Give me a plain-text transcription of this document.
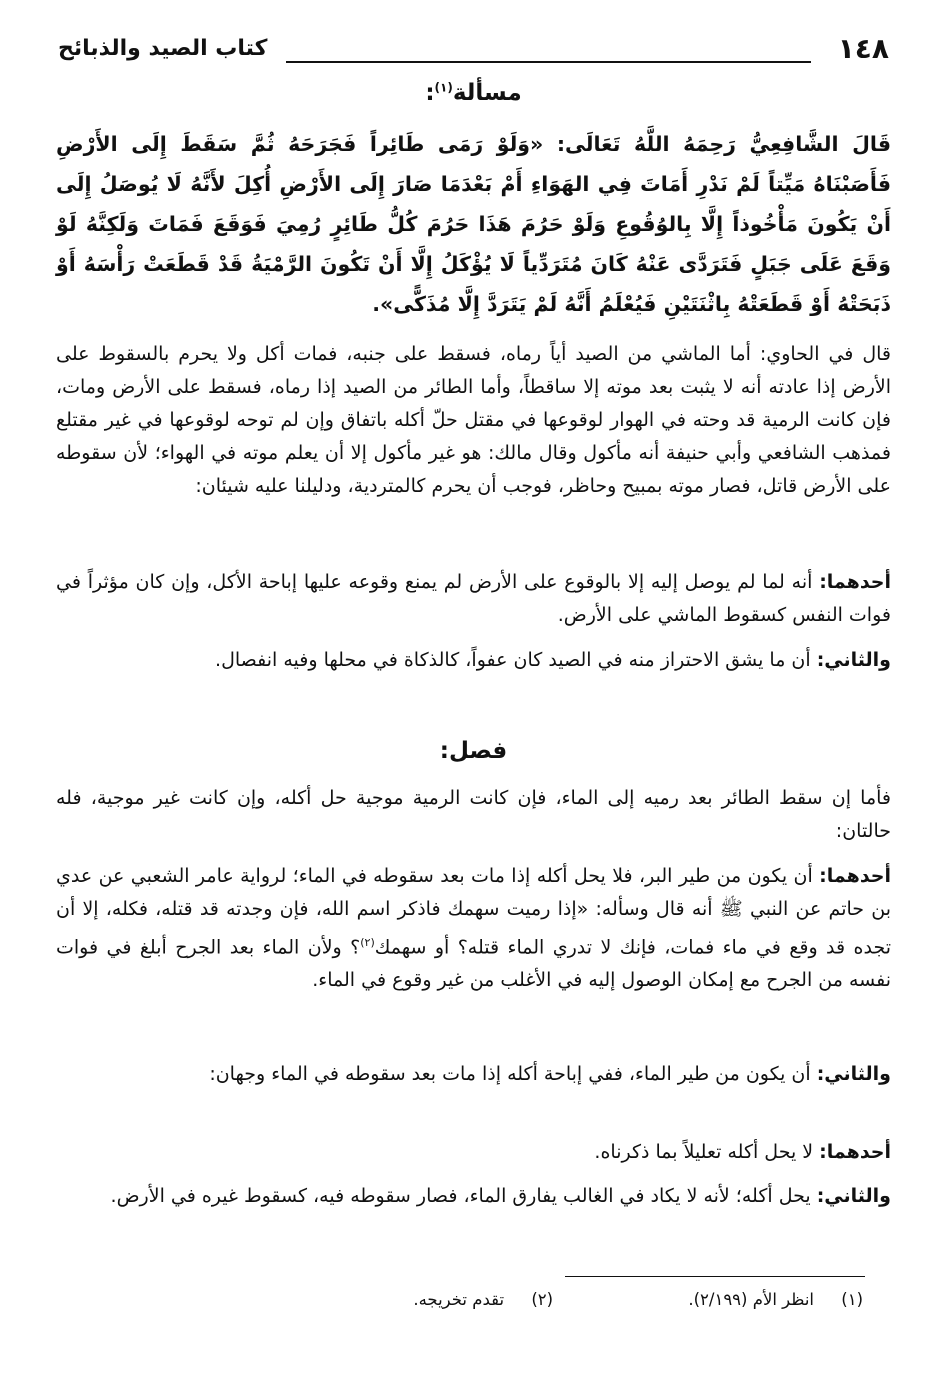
١٤٨
كتاب الصيد والذبائح
مسألة$^{(١)}$:
قَالَ الشَّافِعِيُّ رَحِمَهُ اللَّهُ تَعَالَى: «وَلَوْ رَمَى طَائِراً فَجَرَحَهُ ثُمَّ سَقَطَ إِلَى الأَرْضِ فَأَصَبْنَاهُ مَيِّتاً لَمْ نَدْرِ أَمَاتَ فِي الهَوَاءِ أَمْ بَعْدَمَا صَارَ إِلَى الأَرْضِ أُكِلَ لأَنَّهُ لَا يُوصَلُ إِلَى أَنْ يَكُونَ مَأْخُوذاً إِلَّا بِالوُقُوعِ وَلَوْ حَرُمَ هَذَا حَرُمَ كُلُّ طَائِرٍ رُمِيَ فَوَقَعَ فَمَاتَ وَلَكِنَّهُ لَوْ وَقَعَ عَلَى جَبَلٍ فَتَرَدَّى عَنْهُ كَانَ مُتَرَدِّياً لَا يُؤْكَلُ إِلَّا أَنْ تَكُونَ الرَّمْيَةُ قَدْ قَطَعَتْ رَأْسَهُ أَوْ ذَبَحَتْهُ أَوْ قَطَعَتْهُ بِاثْنَتَيْنِ فَيُعْلَمُ أَنَّهُ لَمْ يَتَرَدَّ إِلَّا مُذَكًّى».
قال في الحاوي: أما الماشي من الصيد أياً رماه، فسقط على جنبه، فمات أكل ولا يحرم بالسقوط على الأرض إذا عادته أنه لا يثبت بعد موته إلا ساقطاً، وأما الطائر من الصيد إذا رماه، فسقط على الأرض ومات، فإن كانت الرمية قد وحته في الهوار لوقوعها في مقتل حلّ أكله باتفاق وإن لم توحه لوقوعها في غير مقتلع فمذهب الشافعي وأبي حنيفة أنه مأكول وقال مالك: هو غير مأكول إلا أن يعلم موته في الهواء؛ لأن سقوطه على الأرض قاتل، فصار موته بمبيح وحاظر، فوجب أن يحرم كالمتردية، ودليلنا عليه شيئان:
أحدهما: أنه لما لم يوصل إليه إلا بالوقوع على الأرض لم يمنع وقوعه عليها إباحة الأكل، وإن كان مؤثراً في فوات النفس كسقوط الماشي على الأرض.
والثاني: أن ما يشق الاحتراز منه في الصيد كان عفواً، كالذكاة في محلها وفيه انفصال.
فصل:
فأما إن سقط الطائر بعد رميه إلى الماء، فإن كانت الرمية موجية حل أكله، وإن كانت غير موجية، فله حالتان:
أحدهما: أن يكون من طير البر، فلا يحل أكله إذا مات بعد سقوطه في الماء؛ لرواية عامر الشعبي عن عدي بن حاتم عن النبي ﷺ أنه قال وسأله: «إذا رميت سهمك فاذكر اسم الله، فإن وجدته قد قتله، فكله، إلا أن تجده قد وقع في ماء فمات، فإنك لا تدري الماء قتله؟ أو سهمك$^{(٢)}$؟ ولأن الماء بعد الجرح أبلغ في فوات نفسه من الجرح مع إمكان الوصول إليه في الأغلب من غير وقوع في الماء.
والثاني: أن يكون من طير الماء، ففي إباحة أكله إذا مات بعد سقوطه في الماء وجهان:
أحدهما: لا يحل أكله تعليلاً بما ذكرناه.
والثاني: يحل أكله؛ لأنه لا يكاد في الغالب يفارق الماء، فصار سقوطه فيه، كسقوط غيره في الأرض.
(١) انظر الأم (٢/١٩٩). (٢) تقدم تخريجه.
